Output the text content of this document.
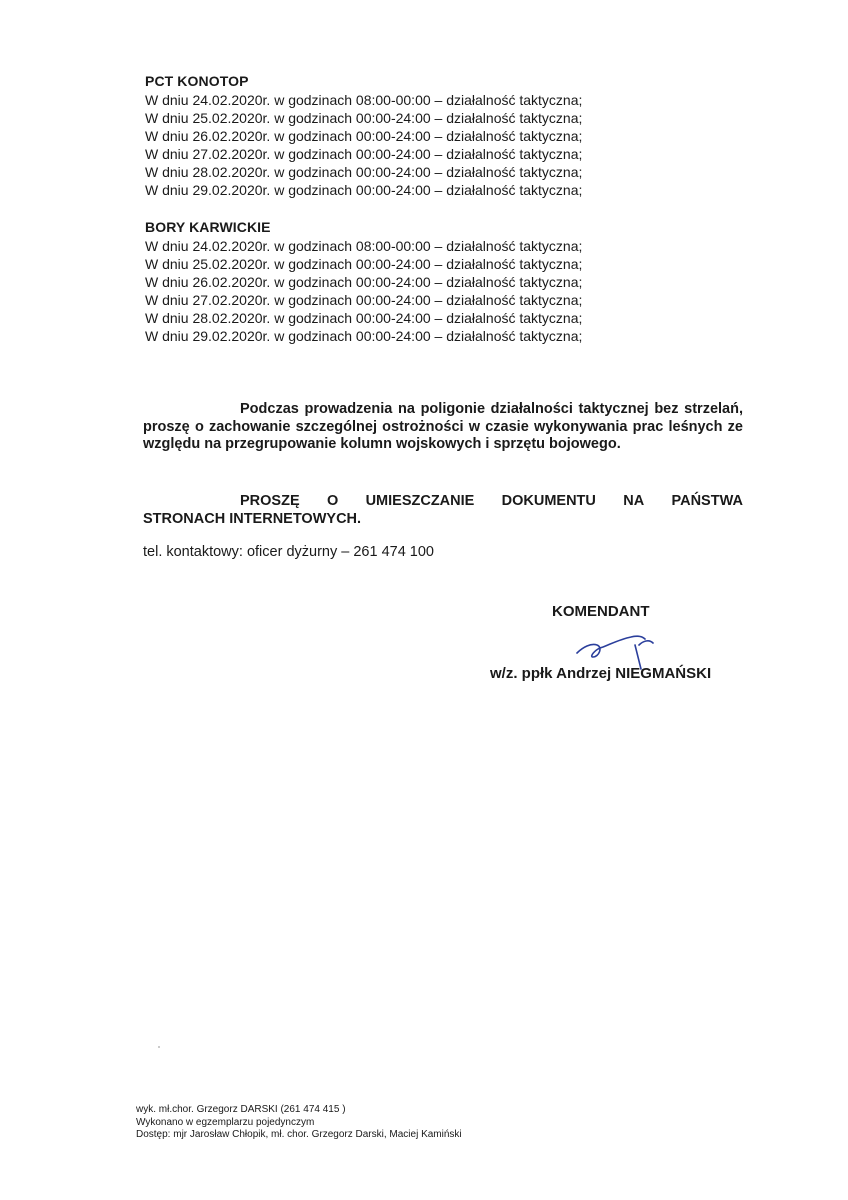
PCT KONOTOP
W dniu 24.02.2020r. w godzinach 08:00-00:00 – działalność taktyczna;
W dniu 25.02.2020r. w godzinach 00:00-24:00 – działalność taktyczna;
W dniu 26.02.2020r. w godzinach 00:00-24:00 – działalność taktyczna;
W dniu 27.02.2020r. w godzinach 00:00-24:00 – działalność taktyczna;
W dniu 28.02.2020r. w godzinach 00:00-24:00 – działalność taktyczna;
W dniu 29.02.2020r. w godzinach 00:00-24:00 – działalność taktyczna;
BORY KARWICKIE
W dniu 24.02.2020r. w godzinach 08:00-00:00 – działalność taktyczna;
W dniu 25.02.2020r. w godzinach 00:00-24:00 – działalność taktyczna;
W dniu 26.02.2020r. w godzinach 00:00-24:00 – działalność taktyczna;
W dniu 27.02.2020r. w godzinach 00:00-24:00 – działalność taktyczna;
W dniu 28.02.2020r. w godzinach 00:00-24:00 – działalność taktyczna;
W dniu 29.02.2020r. w godzinach 00:00-24:00 – działalność taktyczna;
Podczas prowadzenia na poligonie działalności taktycznej bez strzelań, proszę o zachowanie szczególnej ostrożności w czasie wykonywania prac leśnych ze względu na przegrupowanie kolumn wojskowych i sprzętu bojowego.
PROSZĘ O UMIESZCZANIE DOKUMENTU NA PAŃSTWA
STRONACH INTERNETOWYCH.
tel. kontaktowy: oficer dyżurny – 261 474 100
KOMENDANT
w/z. ppłk Andrzej NIEGMAŃSKI
wyk. mł.chor. Grzegorz DARSKI (261 474 415 )
Wykonano w egzemplarzu pojedynczym
Dostęp: mjr Jarosław Chłopik, mł. chor. Grzegorz Darski, Maciej Kamiński
